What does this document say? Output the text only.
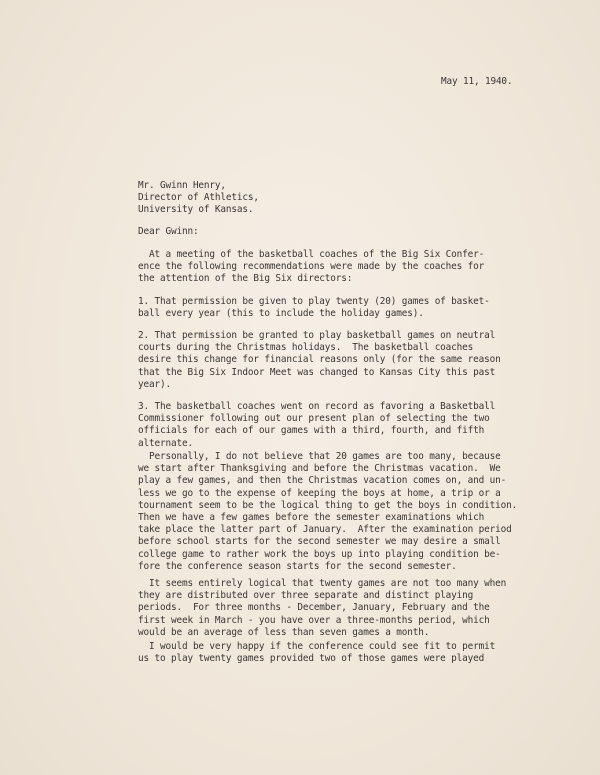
May 11, 1940.
Mr. Gwinn Henry,
Director of Athletics,
University of Kansas.
Dear Gwinn:
At a meeting of the basketball coaches of the Big Six Confer-
ence the following recommendations were made by the coaches for
the attention of the Big Six directors:
1. That permission be given to play twenty (20) games of basket-
ball every year (this to include the holiday games).
2. That permission be granted to play basketball games on neutral
courts during the Christmas holidays.  The basketball coaches
desire this change for financial reasons only (for the same reason
that the Big Six Indoor Meet was changed to Kansas City this past
year).
3. The basketball coaches went on record as favoring a Basketball
Commissioner following out our present plan of selecting the two
officials for each of our games with a third, fourth, and fifth
alternate.
Personally, I do not believe that 20 games are too many, because
we start after Thanksgiving and before the Christmas vacation.  We
play a few games, and then the Christmas vacation comes on, and un-
less we go to the expense of keeping the boys at home, a trip or a
tournament seem to be the logical thing to get the boys in condition.
Then we have a few games before the semester examinations which
take place the latter part of January.  After the examination period
before school starts for the second semester we may desire a small
college game to rather work the boys up into playing condition be-
fore the conference season starts for the second semester.
It seems entirely logical that twenty games are not too many when
they are distributed over three separate and distinct playing
periods.  For three months - December, January, February and the
first week in March - you have over a three-months period, which
would be an average of less than seven games a month.
I would be very happy if the conference could see fit to permit
us to play twenty games provided two of those games were played
